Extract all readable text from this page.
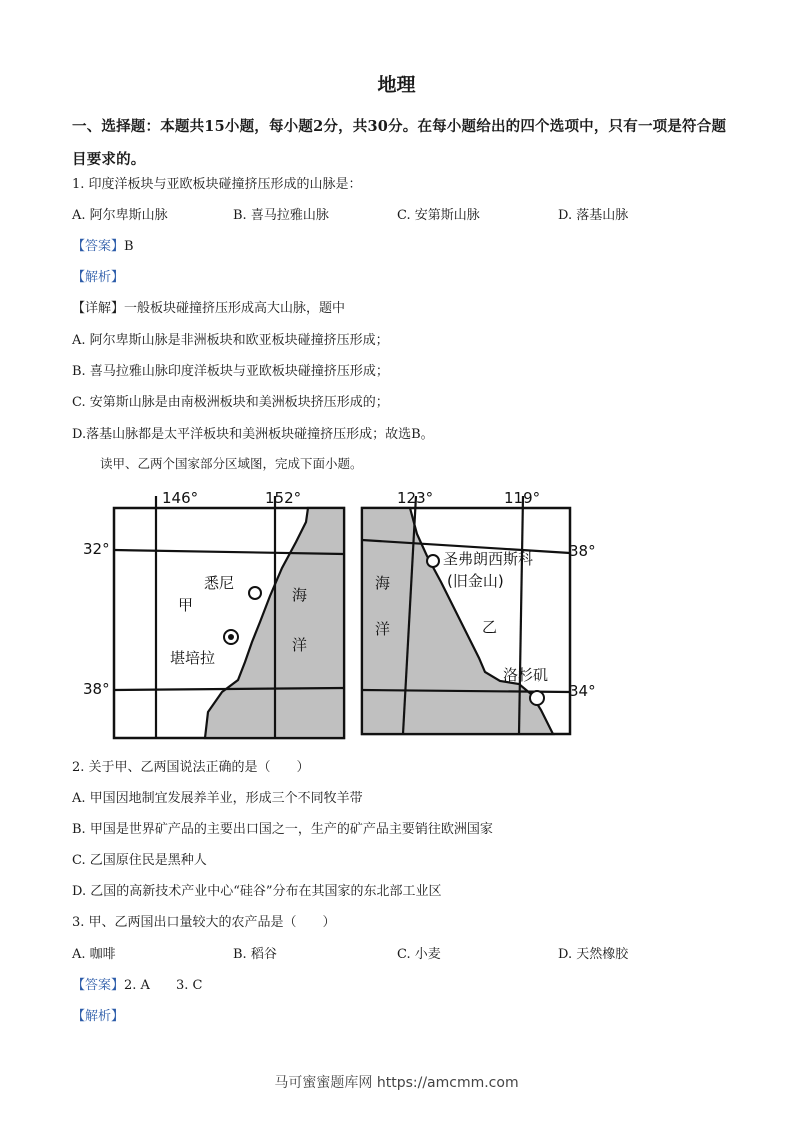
地理
一、选择题：本题共15小题，每小题2分，共30分。在每小题给出的四个选项中，只有一项是符合题目要求的。
1. 印度洋板块与亚欧板块碰撞挤压形成的山脉是：
A. 阿尔卑斯山脉	B. 喜马拉雅山脉	C. 安第斯山脉	D. 落基山脉
【答案】B
【解析】
【详解】一般板块碰撞挤压形成高大山脉，题中
A. 阿尔卑斯山脉是非洲板块和欧亚板块碰撞挤压形成；
B. 喜马拉雅山脉印度洋板块与亚欧板块碰撞挤压形成；
C. 安第斯山脉是由南极洲板块和美洲板块挤压形成的；
D.落基山脉都是太平洋板块和美洲板块碰撞挤压形成；故选B。
读甲、乙两个国家部分区域图，完成下面小题。
146°	152°
32°
38°
悉尼
堪培拉
甲
海
洋
123°	119°
38°
34°
圣弗朗西斯科
(旧金山)
洛杉矶
乙
海
洋
2. 关于甲、乙两国说法正确的是（　　）
A. 甲国因地制宜发展养羊业，形成三个不同牧羊带
B. 甲国是世界矿产品的主要出口国之一，生产的矿产品主要销往欧洲国家
C. 乙国原住民是黑种人
D. 乙国的高新技术产业中心“硅谷”分布在其国家的东北部工业区
3. 甲、乙两国出口量较大的农产品是（　　）
A. 咖啡	B. 稻谷	C. 小麦	D. 天然橡胶
【答案】2. A　　3. C
【解析】
马可蜜蜜题库网 https://amcmm.com
